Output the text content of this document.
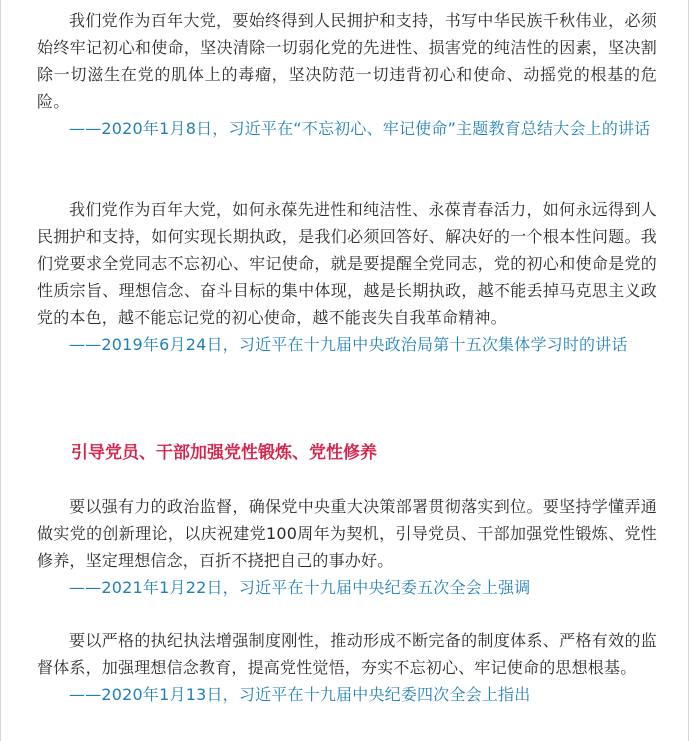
我们党作为百年大党，要始终得到人民拥护和支持，书写中华民族千秋伟业，必须始终牢记初心和使命，坚决清除一切弱化党的先进性、损害党的纯洁性的因素，坚决割除一切滋生在党的肌体上的毒瘤，坚决防范一切违背初心和使命、动摇党的根基的危险。

——2020年1月8日，习近平在“不忘初心、牢记使命”主题教育总结大会上的讲话

我们党作为百年大党，如何永葆先进性和纯洁性、永葆青春活力，如何永远得到人民拥护和支持，如何实现长期执政，是我们必须回答好、解决好的一个根本性问题。我们党要求全党同志不忘初心、牢记使命，就是要提醒全党同志，党的初心和使命是党的性质宗旨、理想信念、奋斗目标的集中体现，越是长期执政，越不能丢掉马克思主义政党的本色，越不能忘记党的初心使命，越不能丧失自我革命精神。

——2019年6月24日，习近平在十九届中央政治局第十五次集体学习时的讲话

引导党员、干部加强党性锻炼、党性修养

要以强有力的政治监督，确保党中央重大决策部署贯彻落实到位。要坚持学懂弄通做实党的创新理论，以庆祝建党100周年为契机，引导党员、干部加强党性锻炼、党性修养，坚定理想信念，百折不挠把自己的事办好。

——2021年1月22日，习近平在十九届中央纪委五次全会上强调

要以严格的执纪执法增强制度刚性，推动形成不断完备的制度体系、严格有效的监督体系，加强理想信念教育，提高党性觉悟，夯实不忘初心、牢记使命的思想根基。

——2020年1月13日，习近平在十九届中央纪委四次全会上指出
